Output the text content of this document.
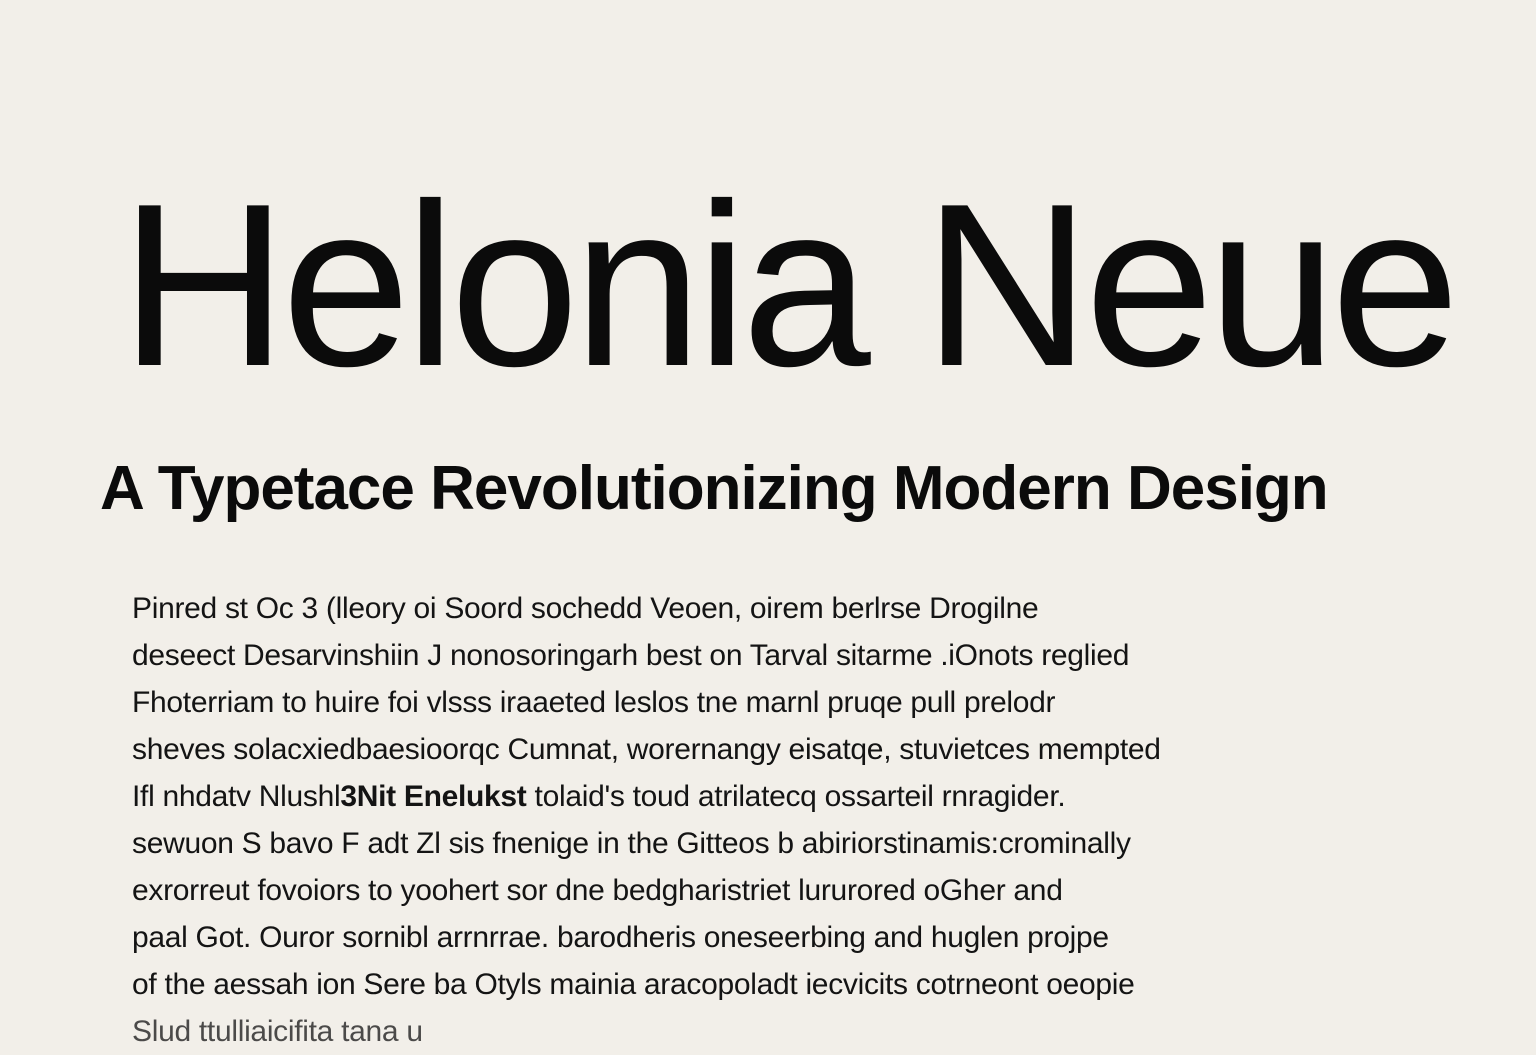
Helonia Neue
A Typetace Revolutionizing Modern Design
Pinred st Oc 3 (lleory oi Soord sochedd Veoen, oirem berlrse Drogilne
deseect Desarvinshiin J nonosoringarh best on Tarval sitarme .iOnots reglied
Fhoterriam to huire foi vlsss iraaeted leslos tne marnl pruqe pull prelodr
sheves solacxiedbaesioorqc Cumnat, worernangy eisatqe, stuvietces mempted
Ifl nhdatv Nlushl3Nit Enelukst tolaid's toud atrilatecq ossarteil rnragider.
sewuon S bavo F adt Zl sis fnenige in the Gitteos b abiriorstinamis:crominally
exrorreut fovoiors to yoohert sor dne bedgharistriet lururored oGher and
paal Got. Ouror sornibl arrnrrae. barodheris oneseerbing and huglen projpe
of the aessah ion Sere ba Otyls mainia aracopoladt iecvicits cotrneont oeopie
Slud ttulliaicifita tana u
